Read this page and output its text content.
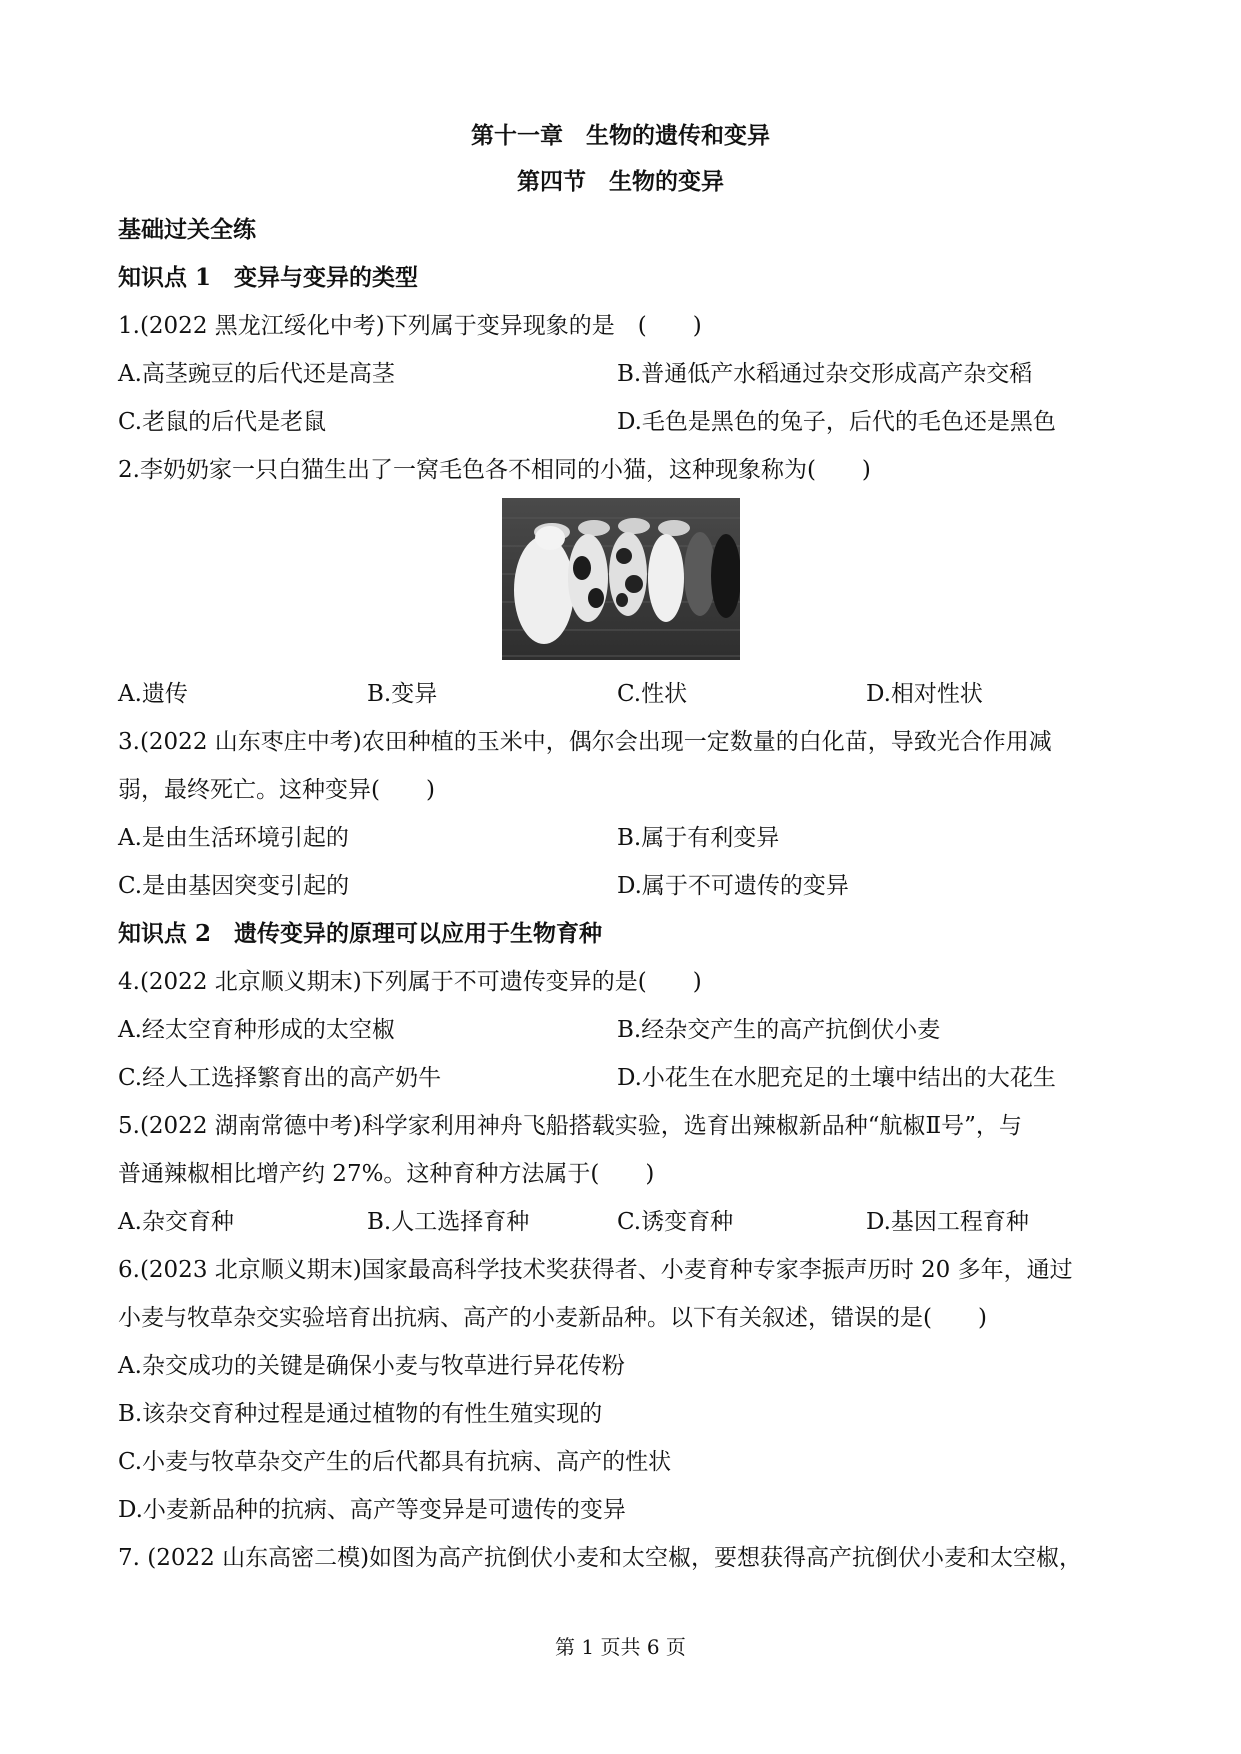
第十一章　生物的遗传和变异
第四节　生物的变异
基础过关全练
知识点 1　变异与变异的类型
1.(2022 黑龙江绥化中考)下列属于变异现象的是　(　　)
A.高茎豌豆的后代还是高茎	B.普通低产水稻通过杂交形成高产杂交稻
C.老鼠的后代是老鼠	D.毛色是黑色的兔子，后代的毛色还是黑色
2.李奶奶家一只白猫生出了一窝毛色各不相同的小猫，这种现象称为(　　)
A.遗传	B.变异	C.性状	D.相对性状
3.(2022 山东枣庄中考)农田种植的玉米中，偶尔会出现一定数量的白化苗，导致光合作用减
弱，最终死亡。这种变异(　　)
A.是由生活环境引起的	B.属于有利变异
C.是由基因突变引起的	D.属于不可遗传的变异
知识点 2　遗传变异的原理可以应用于生物育种
4.(2022 北京顺义期末)下列属于不可遗传变异的是(　　)
A.经太空育种形成的太空椒	B.经杂交产生的高产抗倒伏小麦
C.经人工选择繁育出的高产奶牛	D.小花生在水肥充足的土壤中结出的大花生
5.(2022 湖南常德中考)科学家利用神舟飞船搭载实验，选育出辣椒新品种“航椒Ⅱ号”，与
普通辣椒相比增产约 27%。这种育种方法属于(　　)
A.杂交育种	B.人工选择育种	C.诱变育种	D.基因工程育种
6.(2023 北京顺义期末)国家最高科学技术奖获得者、小麦育种专家李振声历时 20 多年，通过
小麦与牧草杂交实验培育出抗病、高产的小麦新品种。以下有关叙述，错误的是(　　)
A.杂交成功的关键是确保小麦与牧草进行异花传粉
B.该杂交育种过程是通过植物的有性生殖实现的
C.小麦与牧草杂交产生的后代都具有抗病、高产的性状
D.小麦新品种的抗病、高产等变异是可遗传的变异
7. (2022 山东高密二模)如图为高产抗倒伏小麦和太空椒，要想获得高产抗倒伏小麦和太空椒，
第 1 页共 6 页
